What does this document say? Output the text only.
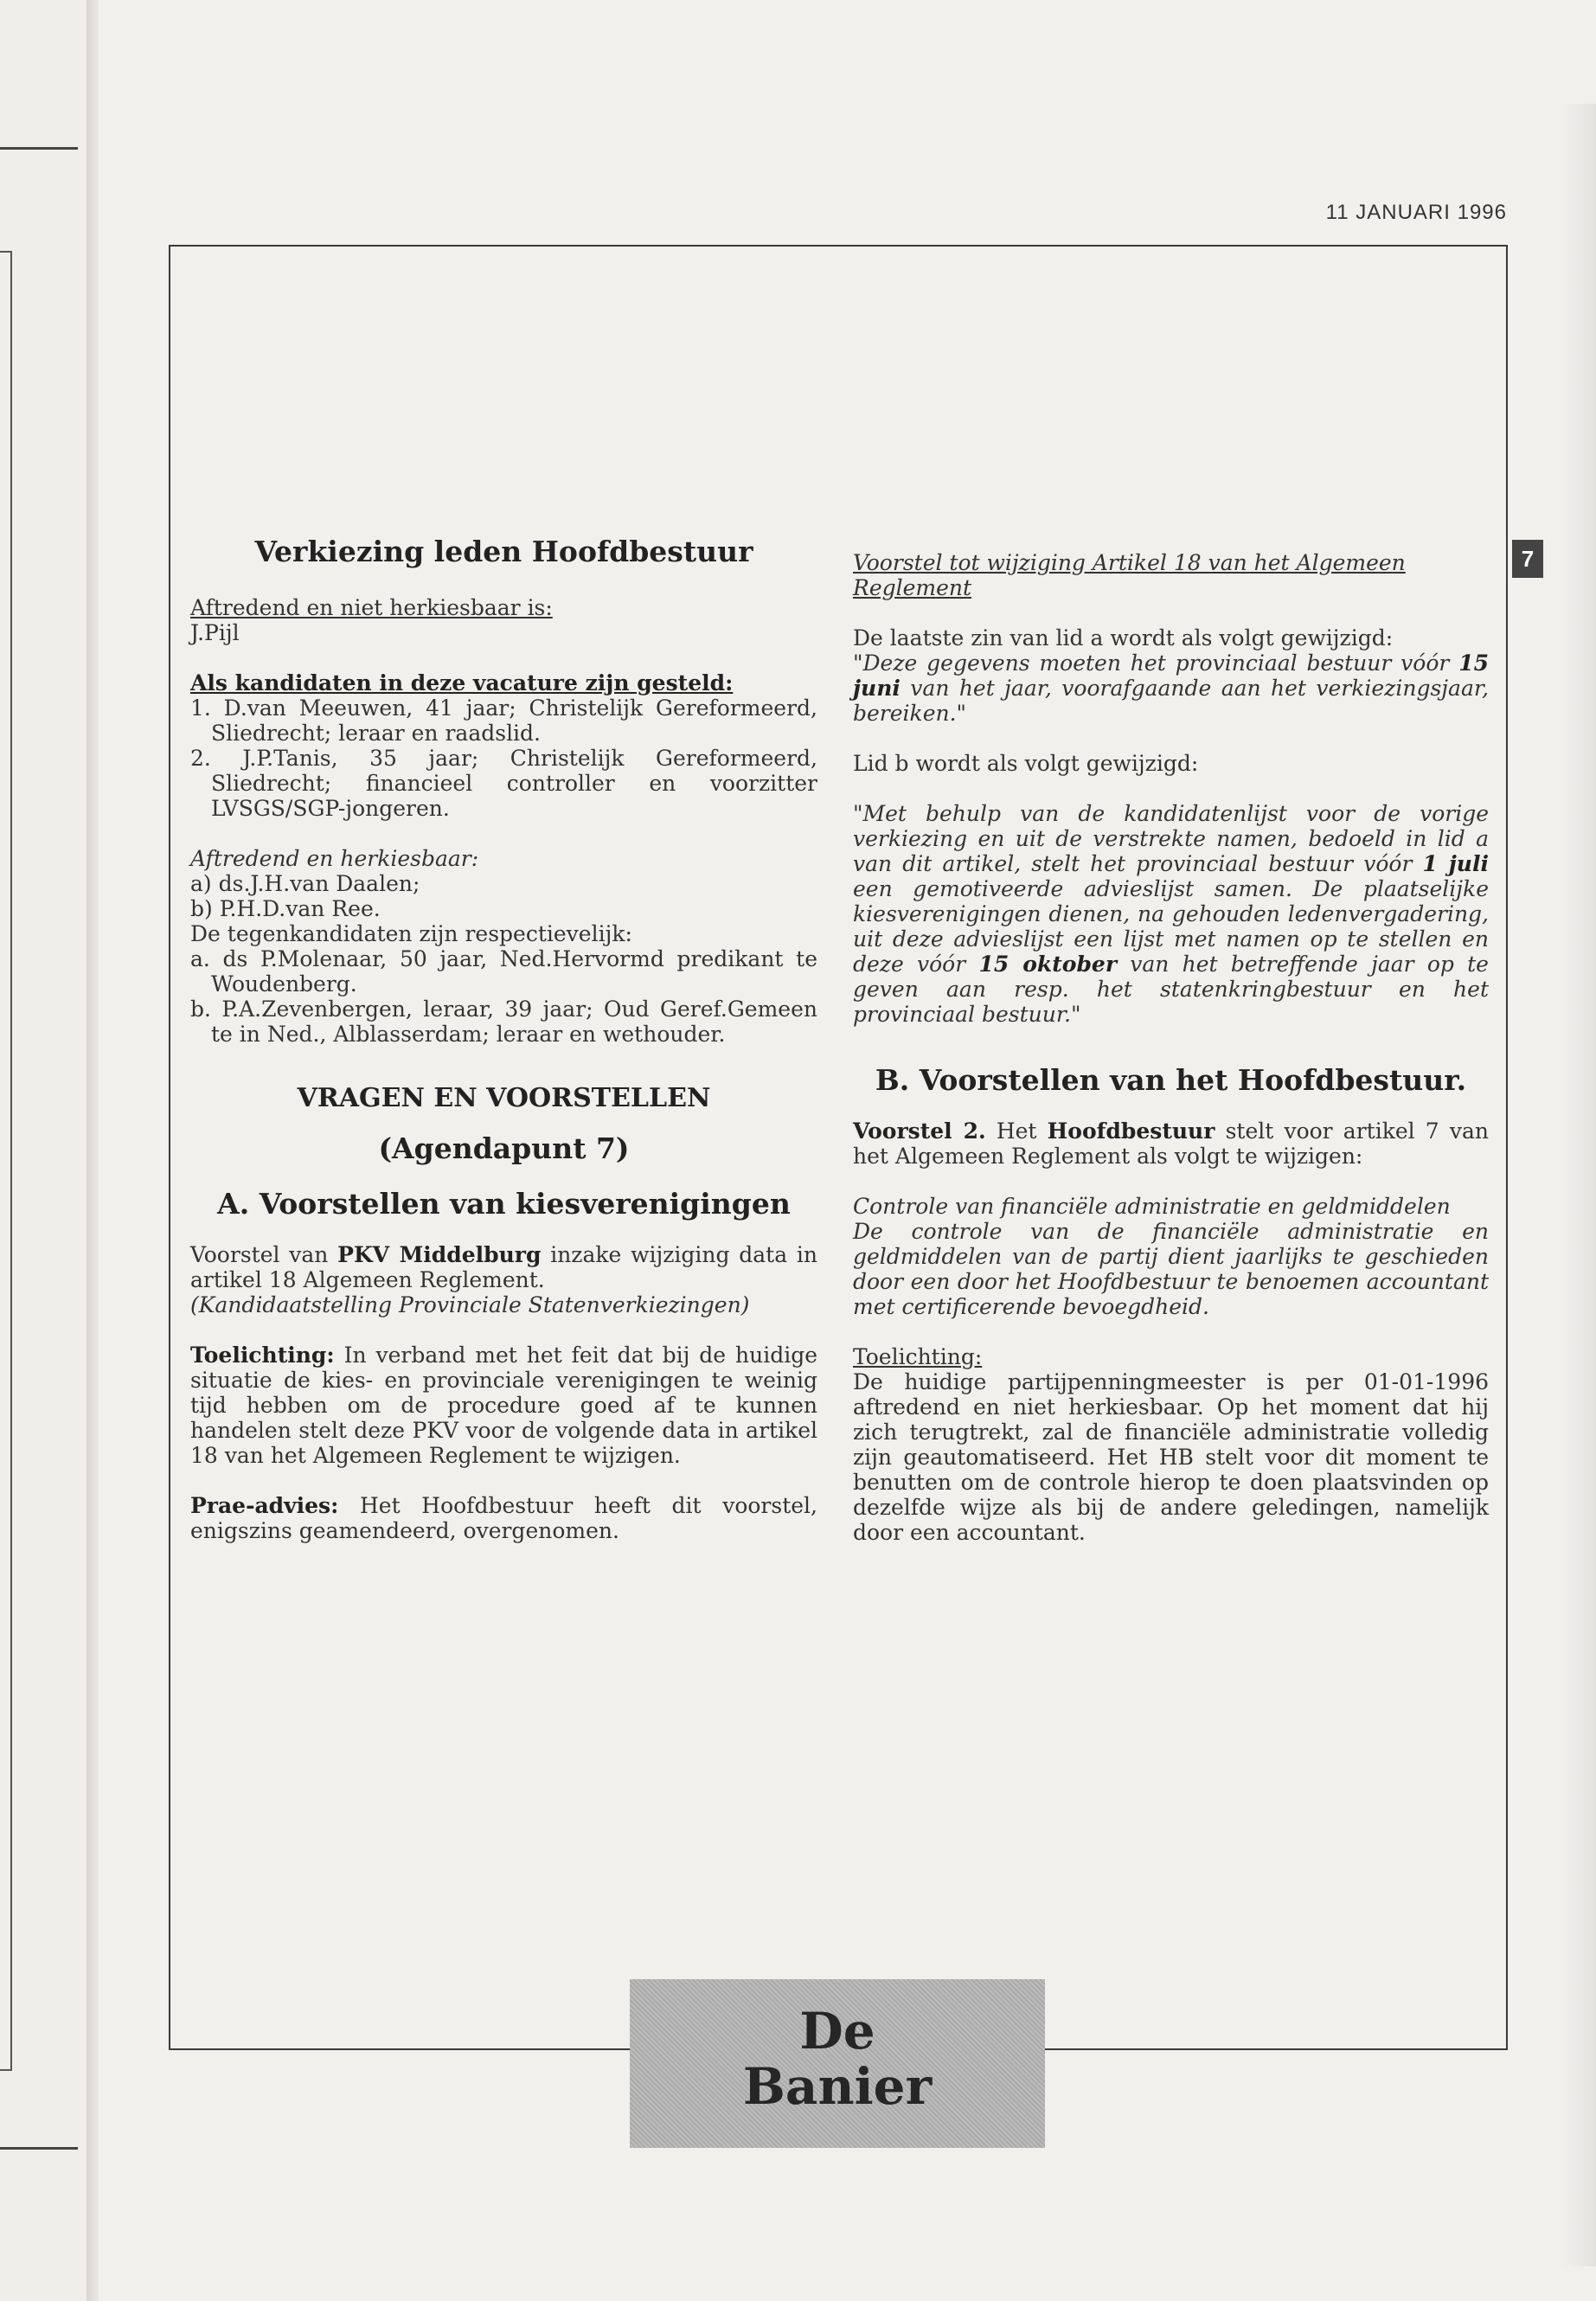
11 JANUARI 1996
7

Verkiezing leden Hoofdbestuur

Aftredend en niet herkiesbaar is:

J.Pijl

Als kandidaten in deze vacature zijn gesteld:

1. D.van Meeuwen, 41 jaar; Christelijk Gereformeerd, Sliedrecht; leraar en raadslid.

2. J.P.Tanis, 35 jaar; Christelijk Gereformeerd, Sliedrecht; financieel controller en voorzitter LVSGS/SGP-jongeren.

Aftredend en herkiesbaar:

a) ds.J.H.van Daalen;

b) P.H.D.van Ree.

De tegenkandidaten zijn respectievelijk:

a. ds P.Molenaar, 50 jaar, Ned.Hervormd predikant te Woudenberg.

b. P.A.Zevenbergen, leraar, 39 jaar; Oud Geref.Gemeen te in Ned., Alblasserdam; leraar en wethouder.

VRAGEN EN VOORSTELLEN

(Agendapunt 7)

A. Voorstellen van kiesverenigingen

Voorstel van PKV Middelburg inzake wijziging data in artikel 18 Algemeen Reglement.

(Kandidaatstelling Provinciale Statenverkiezingen)

Toelichting: In verband met het feit dat bij de huidige situatie de kies- en provinciale verenigingen te weinig tijd hebben om de procedure goed af te kunnen handelen stelt deze PKV voor de volgende data in artikel 18 van het Algemeen Reglement te wijzigen.

Prae-advies: Het Hoofdbestuur heeft dit voorstel, enigszins geamendeerd, overgenomen.

Voorstel tot wijziging Artikel 18 van het Algemeen Reglement

De laatste zin van lid a wordt als volgt gewijzigd:

"Deze gegevens moeten het provinciaal bestuur vóór 15 juni van het jaar, voorafgaande aan het verkiezingsjaar, bereiken."

Lid b wordt als volgt gewijzigd:

"Met behulp van de kandidatenlijst voor de vorige verkiezing en uit de verstrekte namen, bedoeld in lid a van dit artikel, stelt het provinciaal bestuur vóór 1 juli een gemotiveerde advieslijst samen. De plaatselijke kiesverenigingen dienen, na gehouden ledenvergadering, uit deze advieslijst een lijst met namen op te stellen en deze vóór 15 oktober van het betreffende jaar op te geven aan resp. het statenkringbestuur en het provinciaal bestuur."

B. Voorstellen van het Hoofdbestuur.

Voorstel 2. Het Hoofdbestuur stelt voor artikel 7 van het Algemeen Reglement als volgt te wijzigen:

Controle van financiële administratie en geldmiddelen

De controle van de financiële administratie en geldmiddelen van de partij dient jaarlijks te geschieden door een door het Hoofdbestuur te benoemen accountant met certificerende bevoegdheid.

Toelichting:

De huidige partijpenningmeester is per 01-01-1996 aftredend en niet herkiesbaar. Op het moment dat hij zich terugtrekt, zal de financiële administratie volledig zijn geautomatiseerd. Het HB stelt voor dit moment te benutten om de controle hierop te doen plaatsvinden op dezelfde wijze als bij de andere geledingen, namelijk door een accountant.

De
Banier
